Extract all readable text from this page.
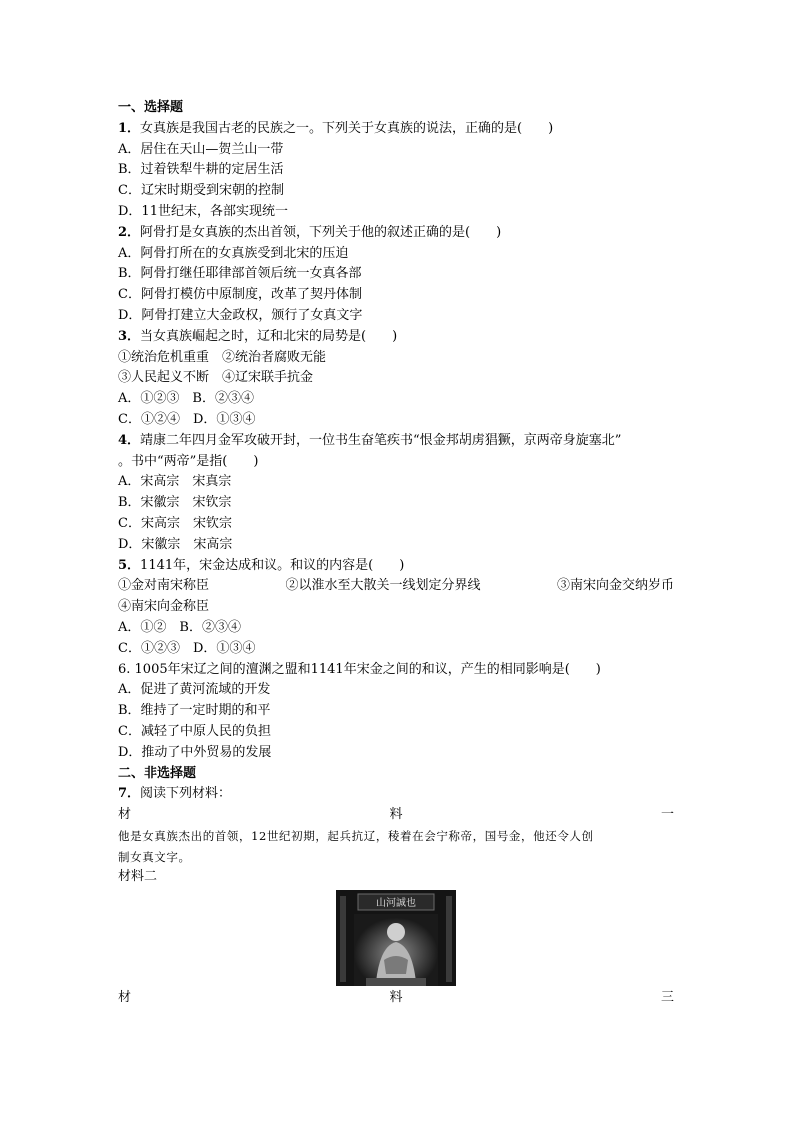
一、选择题
1．女真族是我国古老的民族之一。下列关于女真族的说法，正确的是(　　)
A．居住在天山—贺兰山一带
B．过着铁犁牛耕的定居生活
C．辽宋时期受到宋朝的控制
D．11世纪末，各部实现统一
2．阿骨打是女真族的杰出首领，下列关于他的叙述正确的是(　　)
A．阿骨打所在的女真族受到北宋的压迫
B．阿骨打继任耶律部首领后统一女真各部
C．阿骨打模仿中原制度，改革了契丹体制
D．阿骨打建立大金政权，颁行了女真文字
3．当女真族崛起之时，辽和北宋的局势是(　　)
①统治危机重重　②统治者腐败无能
③人民起义不断　④辽宋联手抗金
A．①②③　B．②③④
C．①②④　D．①③④
4．靖康二年四月金军攻破开封，一位书生奋笔疾书“恨金邦胡虏猖獗，京两帝身旋塞北”
。书中“两帝”是指(　　)
A．宋高宗　宋真宗
B．宋徽宗　宋钦宗
C．宋高宗　宋钦宗
D．宋徽宗　宋高宗
5．1141年，宋金达成和议。和议的内容是(　　)
①金对南宋称臣	②以淮水至大散关一线划定分界线	③南宋向金交纳岁币
④南宋向金称臣
A．①②　B．②③④
C．①②③　D．①③④
6. 1005年宋辽之间的澶渊之盟和1141年宋金之间的和议，产生的相同影响是(　　)
A．促进了黄河流域的开发
B．维持了一定时期的和平
C．减轻了中原人民的负担
D．推动了中外贸易的发展
二、非选择题
7．阅读下列材料：
材	料	一
他是女真族杰出的首领，12世纪初期，起兵抗辽，稜着在会宁称帝，国号金，他还令人创
制女真文字。
材料二
山河誠也
材	料	三
